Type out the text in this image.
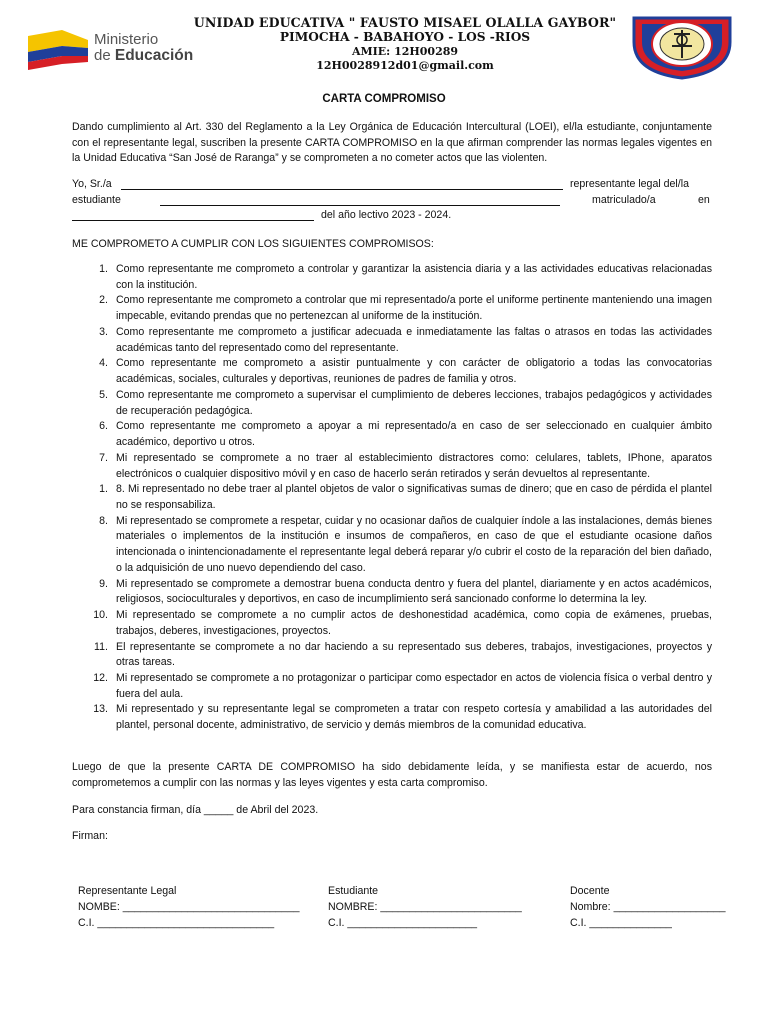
Ministerio
de Educación
UNIDAD EDUCATIVA " FAUSTO MISAEL OLALLA GAYBOR"
PIMOCHA - BABAHOYO - LOS -RIOS
AMIE: 12H00289
12H0028912d01@gmail.com
CARTA COMPROMISO
Dando cumplimiento al Art. 330 del Reglamento a la Ley Orgánica de Educación Intercultural (LOEI), el/la estudiante, conjuntamente con el representante legal, suscriben la presente CARTA COMPROMISO en la que afirman comprender las normas legales vigentes en la Unidad Educativa “San José de Raranga” y se comprometen a no cometer actos que las violenten.
Yo, Sr./a	representante legal del/la
estudiante	matriculado/a	en
del año lectivo 2023 - 2024.
ME COMPROMETO A CUMPLIR CON LOS SIGUIENTES COMPROMISOS:
1. Como representante me comprometo a controlar y garantizar la asistencia diaria y a las actividades educativas relacionadas con la institución.
2. Como representante me comprometo a controlar que mi representado/a porte el uniforme pertinente manteniendo una imagen impecable, evitando prendas que no pertenezcan al uniforme de la institución.
3. Como representante me comprometo a justificar adecuada e inmediatamente las faltas o atrasos en todas las actividades académicas tanto del representado como del representante.
4. Como representante me comprometo a asistir puntualmente y con carácter de obligatorio a todas las convocatorias académicas, sociales, culturales y deportivas, reuniones de padres de familia y otros.
5. Como representante me comprometo a supervisar el cumplimiento de deberes lecciones, trabajos pedagógicos y actividades de recuperación pedagógica.
6. Como representante me comprometo a apoyar a mi representado/a en caso de ser seleccionado en cualquier ámbito académico, deportivo u otros.
7. Mi representado se compromete a no traer al establecimiento distractores como: celulares, tablets, IPhone, aparatos electrónicos o cualquier dispositivo móvil y en caso de hacerlo serán retirados y serán devueltos al representante.
1. 8. Mi representado no debe traer al plantel objetos de valor o significativas sumas de dinero; que en caso de pérdida el plantel no se responsabiliza.
8. Mi representado se compromete a respetar, cuidar y no ocasionar daños de cualquier índole a las instalaciones, demás bienes materiales o implementos de la institución e insumos de compañeros, en caso de que el estudiante ocasione daños intencionada o inintencionadamente el representante legal deberá reparar y/o cubrir el costo de la reparación del bien dañado, o la adquisición de uno nuevo dependiendo del caso.
9. Mi representado se compromete a demostrar buena conducta dentro y fuera del plantel, diariamente y en actos académicos, religiosos, socioculturales y deportivos, en caso de incumplimiento será sancionado conforme lo determina la ley.
10. Mi representado se compromete a no cumplir actos de deshonestidad académica, como copia de exámenes, pruebas, trabajos, deberes, investigaciones, proyectos.
11. El representante se compromete a no dar haciendo a su representado sus deberes, trabajos, investigaciones, proyectos y otras tareas.
12. Mi representado se compromete a no protagonizar o participar como espectador en actos de violencia física o verbal dentro y fuera del aula.
13. Mi representado y su representante legal se comprometen a tratar con respeto cortesía y amabilidad a las autoridades del plantel, personal docente, administrativo, de servicio y demás miembros de la comunidad educativa.
Luego de que la presente CARTA DE COMPROMISO ha sido debidamente leída, y se manifiesta estar de acuerdo, nos comprometemos a cumplir con las normas y las leyes vigentes y esta carta compromiso.
Para constancia firman, día _____ de Abril del 2023.
Firman:
Representante Legal
NOMBE: ______________________________
C.I. ______________________________
Estudiante
NOMBRE: ________________________
C.I. ______________________
Docente
Nombre: ___________________
C.I. ______________
